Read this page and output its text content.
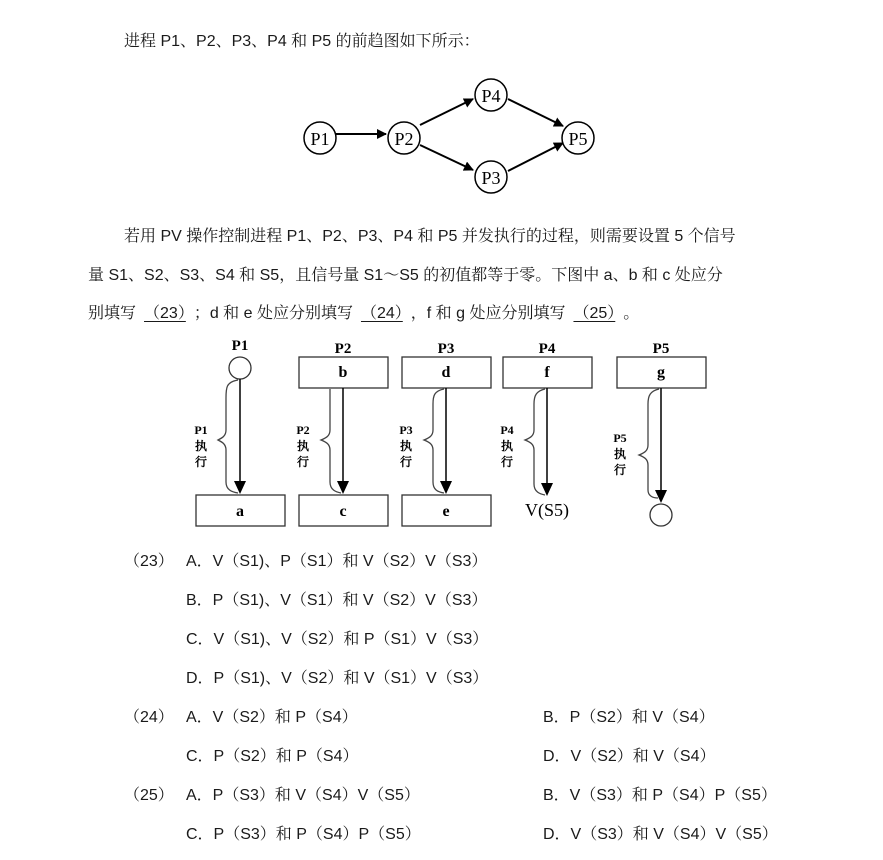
进程 P1、P2、P3、P4 和 P5 的前趋图如下所示：
P1	P2
P4
P3
P5
若用 PV 操作控制进程 P1、P2、P3、P4 和 P5 并发执行的过程，则需要设置 5 个信号
量 S1、S2、S3、S4 和 S5，且信号量 S1～S5 的初值都等于零。下图中 a、b 和 c 处应分
别填写 （23） ；d 和 e 处应分别填写 （24） ，f 和 g 处应分别填写 （25） 。
P1	P2	P3	P4	P5
b	d	f	g
a	c	e	V(S5)
P1
执
行
P2
执
行
P3
执
行
P4
执
行
P5
执
行
（23） A．V（S1)、P（S1）和 V（S2）V（S3）
B．P（S1)、V（S1）和 V（S2）V（S3）
C．V（S1)、V（S2）和 P（S1）V（S3）
D．P（S1)、V（S2）和 V（S1）V（S3）
（24） A．V（S2）和 P（S4）	B．P（S2）和 V（S4）
C．P（S2）和 P（S4）	D．V（S2）和 V（S4）
（25） A．P（S3）和 V（S4）V（S5）	B．V（S3）和 P（S4）P（S5）
C．P（S3）和 P（S4）P（S5）	D．V（S3）和 V（S4）V（S5）
